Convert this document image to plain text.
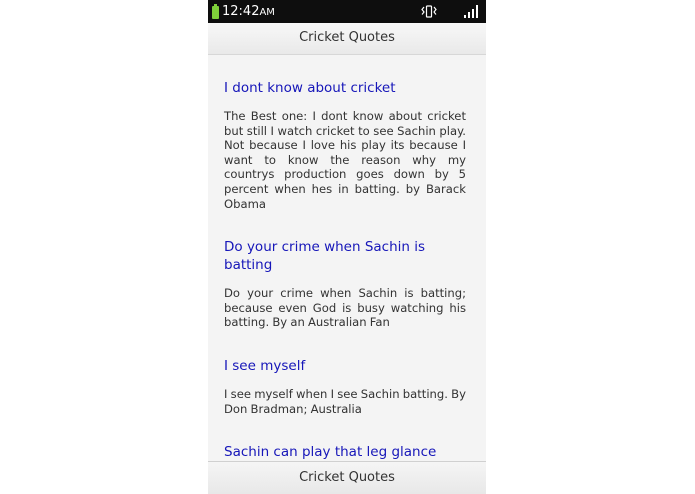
12:42AM
Cricket Quotes
I dont know about cricket
The Best one: I dont know about cricket but still I watch cricket to see Sachin play. Not because I love his play its because I want to know the reason why my countrys production goes down by 5 percent when hes in batting. by Barack Obama
Do your crime when Sachin is batting
Do your crime when Sachin is batting; because even God is busy watching his batting. By an Australian Fan
I see myself
I see myself when I see Sachin batting. By Don Bradman; Australia
Sachin can play that leg glance
Cricket Quotes
